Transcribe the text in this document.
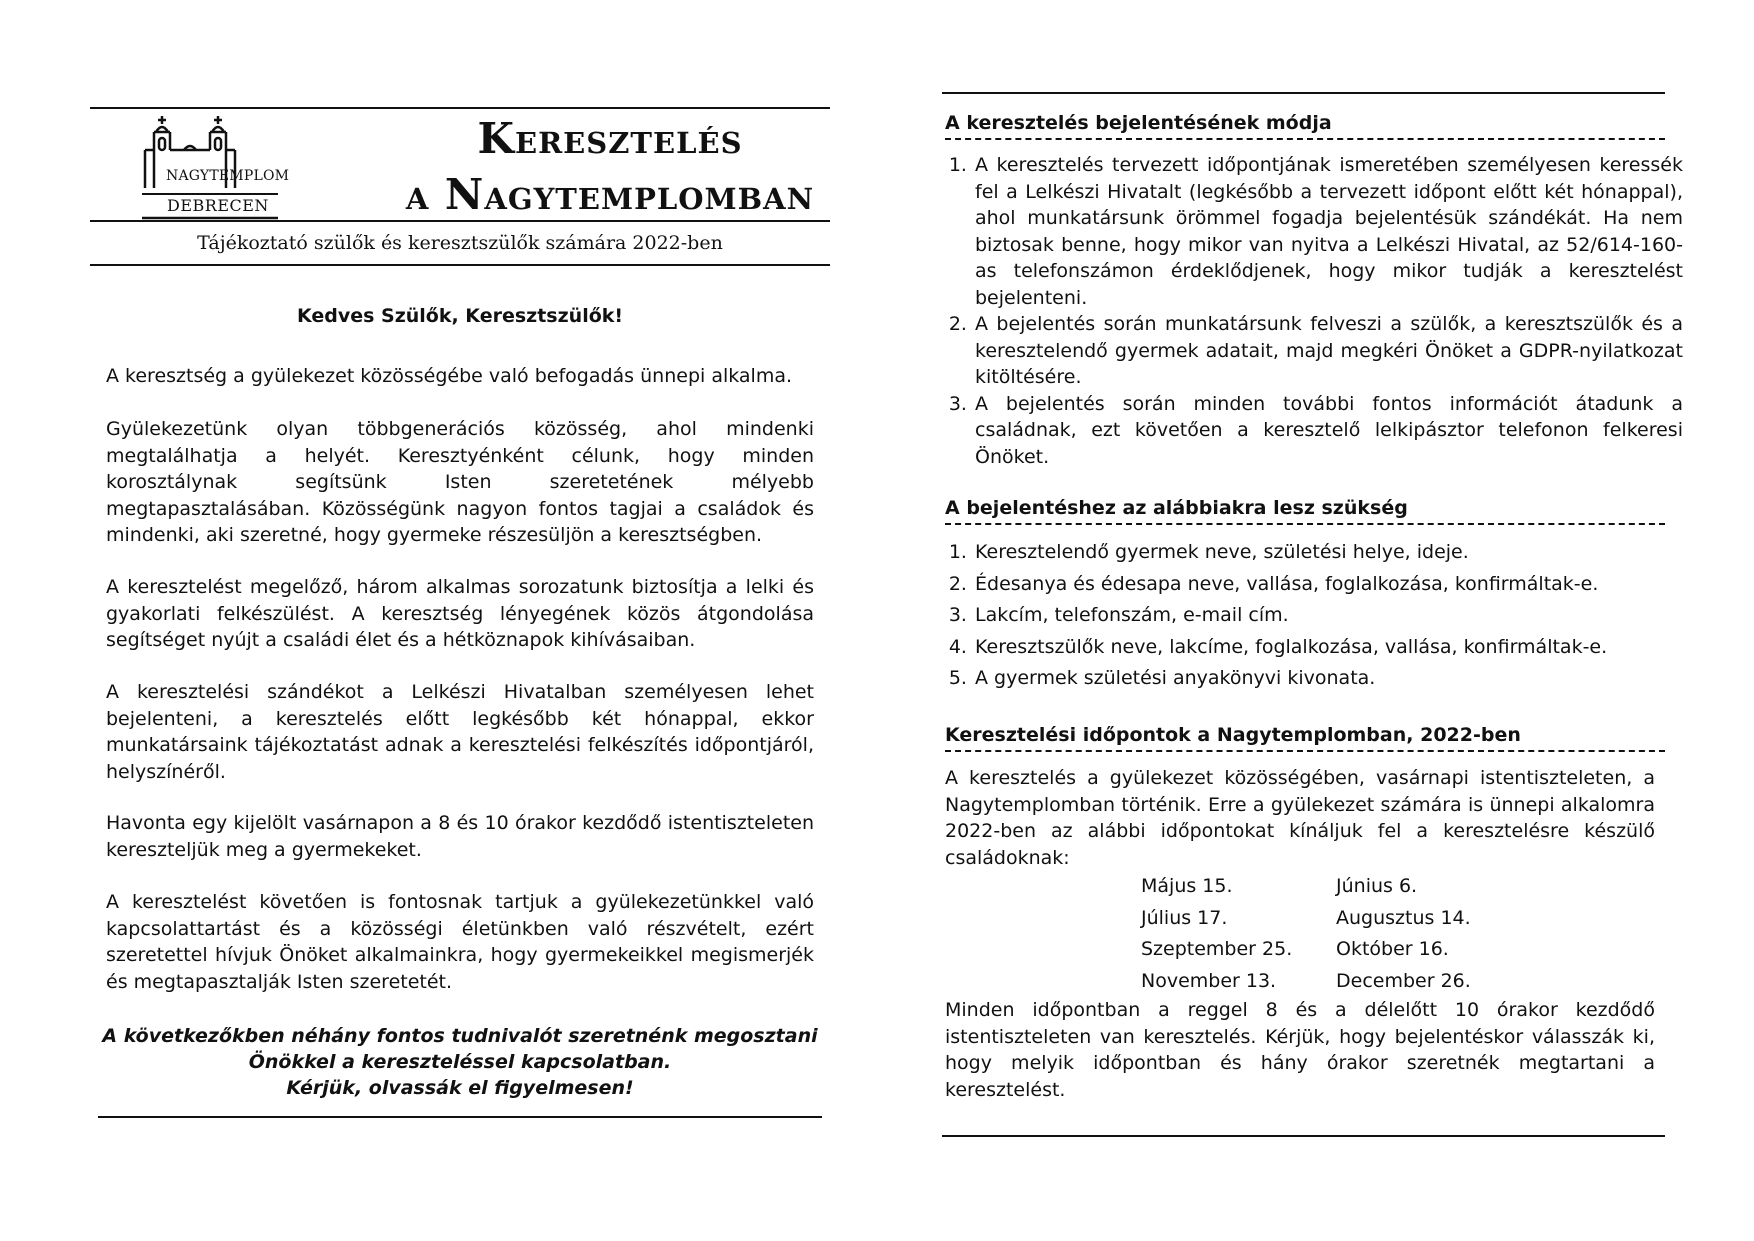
NAGYTEMPLOM
DEBRECEN
Keresztelés
a Nagytemplomban
Tájékoztató szülők és keresztszülők számára 2022-ben
Kedves Szülők, Keresztszülők!

A keresztség a gyülekezet közösségébe való befogadás ünnepi alkalma.

Gyülekezetünk olyan többgenerációs közösség, ahol mindenki megtalálhatja a helyét. Keresztyénként célunk, hogy minden korosztálynak segítsünk Isten szeretetének mélyebb megtapasztalásában. Közösségünk nagyon fontos tagjai a családok és mindenki, aki szeretné, hogy gyermeke részesüljön a keresztségben.

A keresztelést megelőző, három alkalmas sorozatunk biztosítja a lelki és gyakorlati felkészülést. A keresztség lényegének közös átgondolása segítséget nyújt a családi élet és a hétköznapok kihívásaiban.

A keresztelési szándékot a Lelkészi Hivatalban személyesen lehet bejelenteni, a keresztelés előtt legkésőbb két hónappal, ekkor munkatársaink tájékoztatást adnak a keresztelési felkészítés időpontjáról, helyszínéről.

Havonta egy kijelölt vasárnapon a 8 és 10 órakor kezdődő istentiszteleten kereszteljük meg a gyermekeket.

A keresztelést követően is fontosnak tartjuk a gyülekezetünkkel való kapcsolattartást és a közösségi életünkben való részvételt, ezért szeretettel hívjuk Önöket alkalmainkra, hogy gyermekeikkel megismerjék és megtapasztalják Isten szeretetét.

A következőkben néhány fontos tudnivalót szeretnénk megosztani
Önökkel a kereszteléssel kapcsolatban.
Kérjük, olvassák el figyelmesen!
A keresztelés bejelentésének módja
1. A keresztelés tervezett időpontjának ismeretében személyesen keressék fel a Lelkészi Hivatalt (legkésőbb a tervezett időpont előtt két hónappal), ahol munkatársunk örömmel fogadja bejelentésük szándékát. Ha nem biztosak benne, hogy mikor van nyitva a Lelkészi Hivatal, az 52/614-160-as telefonszámon érdeklődjenek, hogy mikor tudják a keresztelést bejelenteni.
2. A bejelentés során munkatársunk felveszi a szülők, a keresztszülők és a keresztelendő gyermek adatait, majd megkéri Önöket a GDPR-nyilatkozat kitöltésére.
3. A bejelentés során minden további fontos információt átadunk a családnak, ezt követően a keresztelő lelkipásztor telefonon felkeresi Önöket.
A bejelentéshez az alábbiakra lesz szükség
1. Keresztelendő gyermek neve, születési helye, ideje.
2. Édesanya és édesapa neve, vallása, foglalkozása, konfirmáltak-e.
3. Lakcím, telefonszám, e-mail cím.
4. Keresztszülők neve, lakcíme, foglalkozása, vallása, konfirmáltak-e.
5. A gyermek születési anyakönyvi kivonata.
Keresztelési időpontok a Nagytemplomban, 2022-ben

A keresztelés a gyülekezet közösségében, vasárnapi istentiszteleten, a Nagytemplomban történik. Erre a gyülekezet számára is ünnepi alkalomra 2022-ben az alábbi időpontokat kínáljuk fel a keresztelésre készülő családoknak:

Május 15.	Június 6.
Július 17.	Augusztus 14.
Szeptember 25.	Október 16.
November 13.	December 26.

Minden időpontban a reggel 8 és a délelőtt 10 órakor kezdődő istentiszteleten van keresztelés. Kérjük, hogy bejelentéskor válasszák ki, hogy melyik időpontban és hány órakor szeretnék megtartani a keresztelést.
